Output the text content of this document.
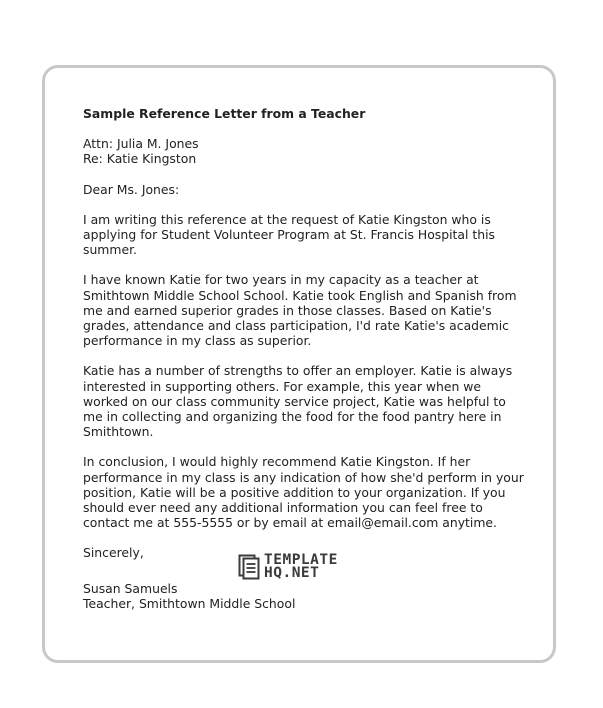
Sample Reference Letter from a Teacher
Attn: Julia M. Jones
Re: Katie Kingston
Dear Ms. Jones:
I am writing this reference at the request of Katie Kingston who is
applying for Student Volunteer Program at St. Francis Hospital this
summer.
I have known Katie for two years in my capacity as a teacher at
Smithtown Middle School School. Katie took English and Spanish from
me and earned superior grades in those classes. Based on Katie's
grades, attendance and class participation, I'd rate Katie's academic
performance in my class as superior.
Katie has a number of strengths to offer an employer. Katie is always
interested in supporting others. For example, this year when we
worked on our class community service project, Katie was helpful to
me in collecting and organizing the food for the food pantry here in
Smithtown.
In conclusion, I would highly recommend Katie Kingston. If her
performance in my class is any indication of how she'd perform in your
position, Katie will be a positive addition to your organization. If you
should ever need any additional information you can feel free to
contact me at 555-5555 or by email at email@email.com anytime.
Sincerely,
Susan Samuels
Teacher, Smithtown Middle School
TEMPLATE
HQ.NET
